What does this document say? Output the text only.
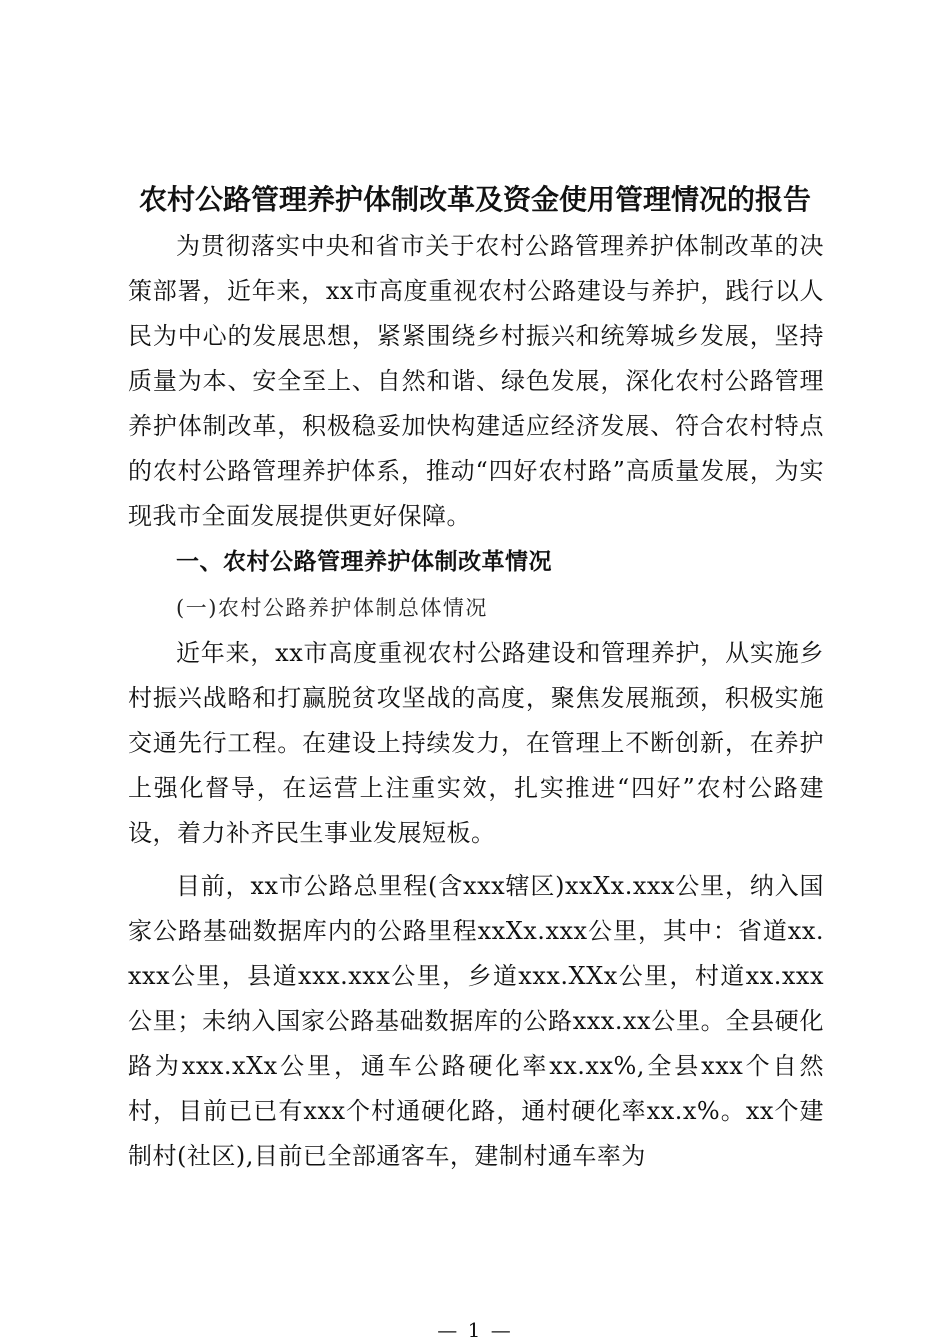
农村公路管理养护体制改革及资金使用管理情况的报告

为贯彻落实中央和省市关于农村公路管理养护体制改革的决策部署，近年来，xx市高度重视农村公路建设与养护，践行以人民为中心的发展思想，紧紧围绕乡村振兴和统筹城乡发展，坚持质量为本、安全至上、自然和谐、绿色发展，深化农村公路管理养护体制改革，积极稳妥加快构建适应经济发展、符合农村特点的农村公路管理养护体系，推动“四好农村路”高质量发展，为实现我市全面发展提供更好保障。

一、农村公路管理养护体制改革情况
(一)农村公路养护体制总体情况

近年来，xx市高度重视农村公路建设和管理养护，从实施乡村振兴战略和打赢脱贫攻坚战的高度，聚焦发展瓶颈，积极实施交通先行工程。在建设上持续发力，在管理上不断创新，在养护上强化督导，在运营上注重实效，扎实推进“四好”农村公路建设，着力补齐民生事业发展短板。

目前，xx市公路总里程(含xxx辖区)xxXx.xxx公里，纳入国家公路基础数据库内的公路里程xxXx.xxx公里，其中：省道xx.xxx公里，县道xxx.xxx公里，乡道xxx.XXx公里，村道xx.xxx公里；未纳入国家公路基础数据库的公路xxx.xx公里。全县硬化路为xxx.xXx公里，通车公路硬化率xx.xx%,全县xxx个自然村，目前已已有xxx个村通硬化路，通村硬化率xx.x%。xx个建制村(社区),目前已全部通客车，建制村通车率为

— 1 —
